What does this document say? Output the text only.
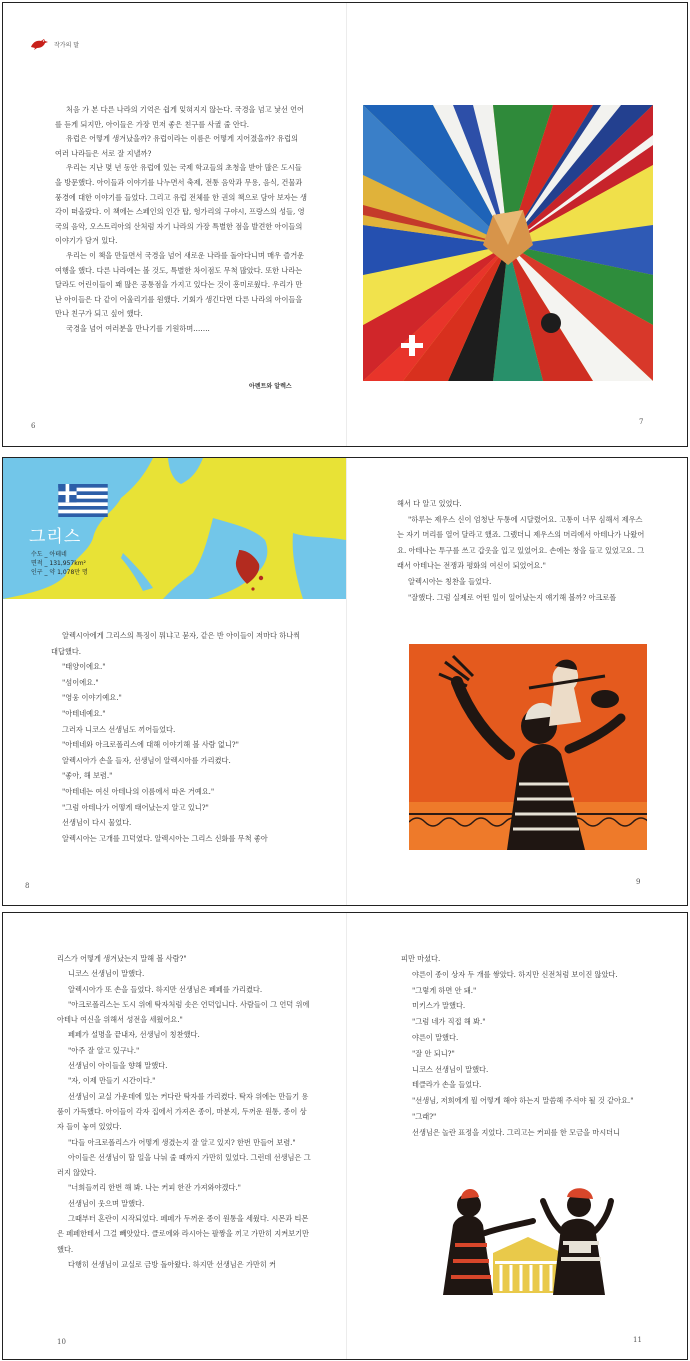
작가의 말

처음 가 본 다른 나라의 기억은 쉽게 잊혀지지 않는다. 국경을 넘고 낯선 언어를 듣게 되지만, 아이들은 가장 먼저 좋은 친구를 사귈 줄 안다.

유럽은 어떻게 생겨났을까? 유럽이라는 이름은 어떻게 지어졌을까? 유럽의 여러 나라들은 서로 잘 지낼까?

우리는 지난 몇 년 동안 유럽에 있는 국제 학교들의 초청을 받아 많은 도시들을 방문했다. 아이들과 이야기를 나누면서 축제, 전통 음악과 무용, 음식, 건물과 풍경에 대한 이야기를 들었다. 그리고 유럽 전체를 한 권의 책으로 담아 보자는 생각이 떠올랐다. 이 책에는 스페인의 인간 탑, 헝가리의 구야시, 프랑스의 성들, 영국의 음악, 오스트리아의 산처럼 자기 나라의 가장 특별한 점을 발견한 아이들의 이야기가 담겨 있다.

우리는 이 책을 만들면서 국경을 넘어 새로운 나라를 돌아다니며 매우 즐거운 여행을 했다. 다른 나라에는 볼 것도, 특별한 차이점도 무척 많았다. 또한 나라는 달라도 어린이들이 꽤 많은 공통점을 가지고 있다는 것이 흥미로웠다. 우리가 만난 아이들은 다 같이 어울리기를 원했다. 기회가 생긴다면 다른 나라의 아이들을 만나 친구가 되고 싶어 했다.

국경을 넘어 여러분을 만나기를 기원하며…….

아렌트와 알렉스
6	7
그리스
수도 _ 아테네
면적 _ 131,957km²
인구 _ 약 1,078만 명

알렉시아에게 그리스의 특징이 뭐냐고 묻자, 같은 반 아이들이 저마다 하나씩 대답했다.

"태양이에요."

"섬이에요."

"영웅 이야기예요."

"아테네예요."

그러자 니코스 선생님도 끼어들었다.

"아테네와 아크로폴리스에 대해 이야기해 볼 사람 없니?"

알렉시아가 손을 들자, 선생님이 알렉시아를 가리켰다.

"좋아, 해 보렴."

"아테네는 여신 아테나의 이름에서 따온 거예요."

"그럼 아테나가 어떻게 태어났는지 알고 있니?"

선생님이 다시 물었다.

알렉시아는 고개를 끄덕였다. 알렉시아는 그리스 신화를 무척 좋아

해서 다 알고 있었다.

"하루는 제우스 신이 엄청난 두통에 시달렸어요. 고통이 너무 심해서 제우스는 자기 머리를 열어 달라고 했죠. 그랬더니 제우스의 머리에서 아테나가 나왔어요. 아테나는 투구를 쓰고 갑옷을 입고 있었어요. 손에는 창을 들고 있었고요. 그래서 아테나는 전쟁과 평화의 여신이 되었어요."

알렉시아는 칭찬을 들었다.

"잘했다. 그럼 실제로 어떤 일이 일어났는지 얘기해 볼까? 아크로폴

8	9

리스가 어떻게 생겨났는지 말해 볼 사람?"

니코스 선생님이 말했다.

알렉시아가 또 손을 들었다. 하지만 선생님은 페페를 가리켰다.

"아크로폴리스는 도시 위에 탁자처럼 솟은 언덕입니다. 사람들이 그 언덕 위에 아테나 여신을 위해서 성전을 세웠어요."

페페가 설명을 끝내자, 선생님이 칭찬했다.

"아주 잘 알고 있구나."

선생님이 아이들을 향해 말했다.

"자, 이제 만들기 시간이다."

선생님이 교실 가운데에 있는 커다란 탁자를 가리켰다. 탁자 위에는 만들기 용품이 가득했다. 아이들이 각자 집에서 가져온 종이, 마분지, 두꺼운 원통, 종이 상자 들이 놓여 있었다.

"다들 아크로폴리스가 어떻게 생겼는지 잘 알고 있지? 한번 만들어 보렴."

아이들은 선생님이 할 일을 나눠 줄 때까지 가만히 있었다. 그런데 선생님은 그러지 않았다.

"너희들끼리 한번 해 봐. 나는 커피 한잔 가져와야겠다."

선생님이 웃으며 말했다.

그때부터 혼란이 시작되었다. 페페가 두꺼운 종이 원통을 세웠다. 시몬과 티몬은 페페한테서 그걸 빼앗았다. 클로에와 라시아는 팔짱을 끼고 가만히 지켜보기만 했다.

다행히 선생님이 교실로 금방 돌아왔다. 하지만 선생님은 가만히 커

피만 마셨다.

야른이 종이 상자 두 개를 쌓았다. 하지만 신전처럼 보이진 않았다.

"그렇게 하면 안 돼."

미키스가 말했다.

"그럼 네가 직접 해 봐."

야른이 말했다.

"잘 안 되니?"

니코스 선생님이 말했다.

테클라가 손을 들었다.

"선생님, 저희에게 뭘 어떻게 해야 하는지 말씀해 주셔야 될 것 같아요."

"그래?"

선생님은 놀란 표정을 지었다. 그리고는 커피를 한 모금을 마시더니

10	11
